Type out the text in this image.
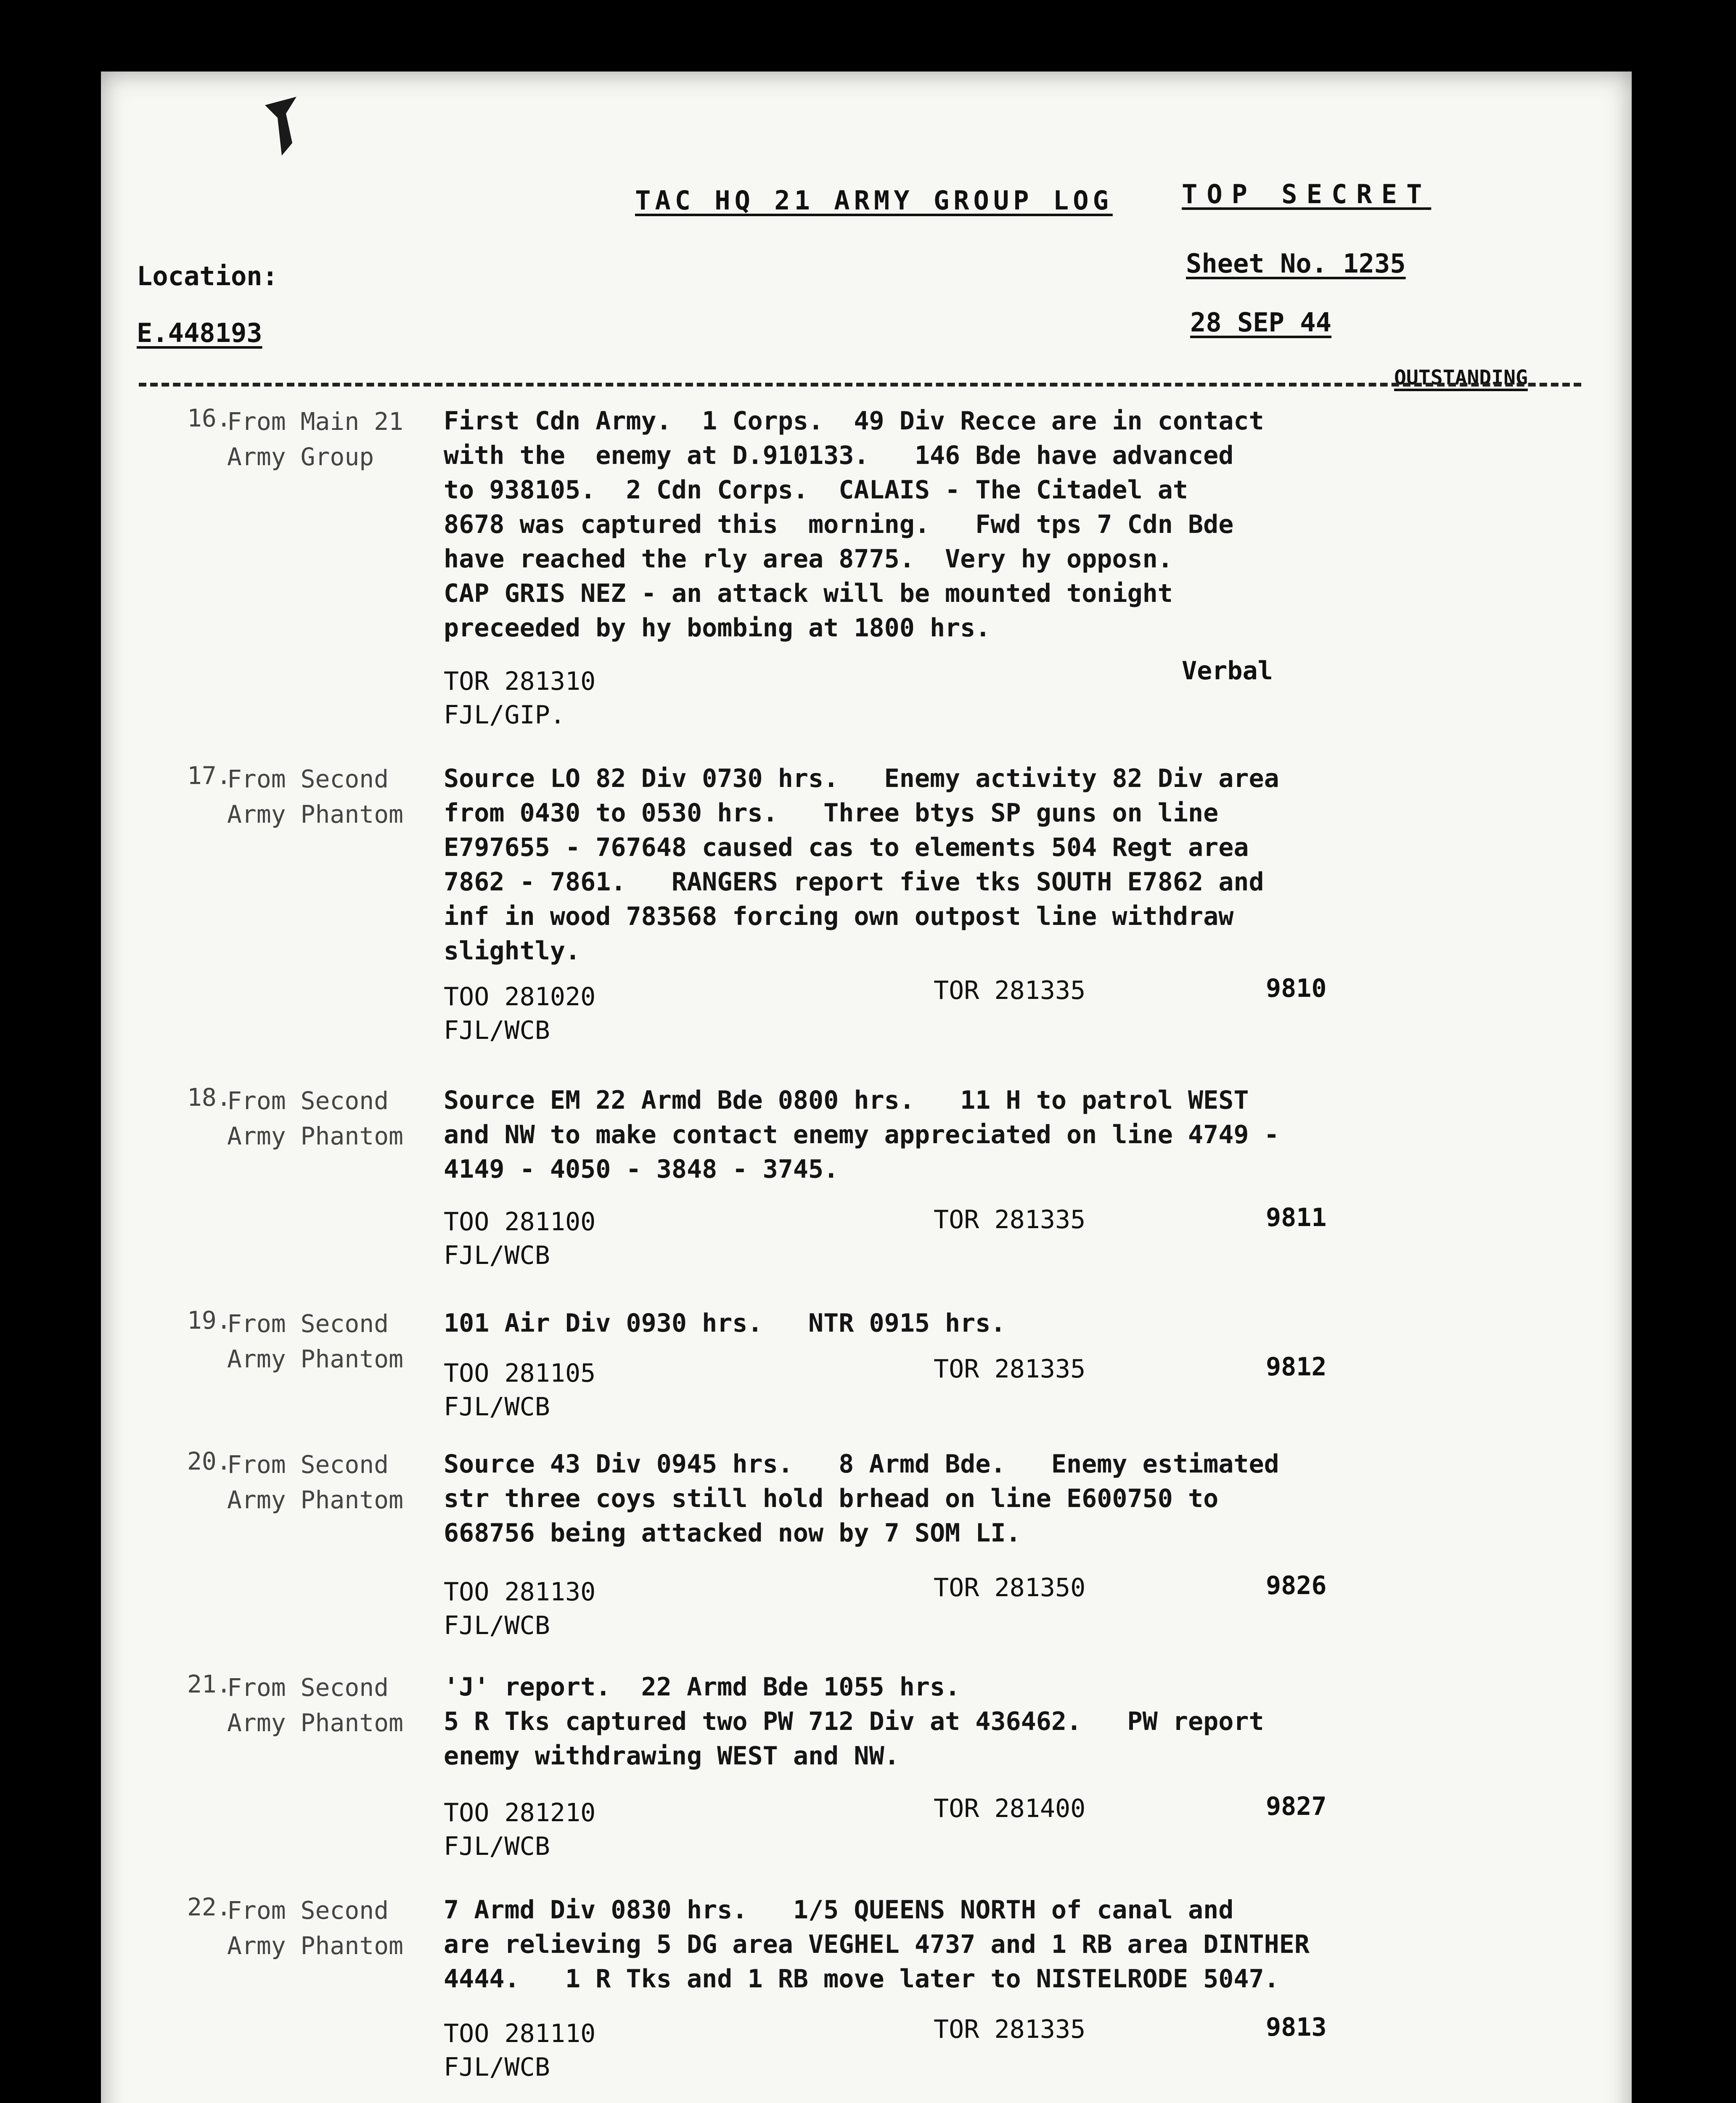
TAC HQ 21 ARMY GROUP LOG	TOP SECRET
Sheet No. 1235
28 SEP 44
Location:
E.448193
OUTSTANDING
16.
From Main 21
Army Group
First Cdn Army.  1 Corps.  49 Div Recce are in contact
with the  enemy at D.910133.   146 Bde have advanced
to 938105.  2 Cdn Corps.  CALAIS - The Citadel at
8678 was captured this  morning.   Fwd tps 7 Cdn Bde
have reached the rly area 8775.  Very hy opposn.
CAP GRIS NEZ - an attack will be mounted tonight
preceeded by hy bombing at 1800 hrs.
Verbal
TOR 281310
FJL/GIP.
17.
From Second
Army Phantom
Source LO 82 Div 0730 hrs.   Enemy activity 82 Div area
from 0430 to 0530 hrs.   Three btys SP guns on line
E797655 - 767648 caused cas to elements 504 Regt area
7862 - 7861.   RANGERS report five tks SOUTH E7862 and
inf in wood 783568 forcing own outpost line withdraw
slightly.
TOO 281020
FJL/WCB
TOR 281335	9810
18.
From Second
Army Phantom
Source EM 22 Armd Bde 0800 hrs.   11 H to patrol WEST
and NW to make contact enemy appreciated on line 4749 -
4149 - 4050 - 3848 - 3745.
TOO 281100
FJL/WCB
TOR 281335	9811
19.
From Second
Army Phantom
101 Air Div 0930 hrs.   NTR 0915 hrs.
TOO 281105
FJL/WCB
TOR 281335	9812
20.
From Second
Army Phantom
Source 43 Div 0945 hrs.   8 Armd Bde.   Enemy estimated
str three coys still hold brhead on line E600750 to
668756 being attacked now by 7 SOM LI.
TOO 281130
FJL/WCB
TOR 281350	9826
21.
From Second
Army Phantom
'J' report.  22 Armd Bde 1055 hrs.
5 R Tks captured two PW 712 Div at 436462.   PW report
enemy withdrawing WEST and NW.
TOO 281210
FJL/WCB
TOR 281400	9827
22.
From Second
Army Phantom
7 Armd Div 0830 hrs.   1/5 QUEENS NORTH of canal and
are relieving 5 DG area VEGHEL 4737 and 1 RB area DINTHER
4444.   1 R Tks and 1 RB move later to NISTELRODE 5047.
TOO 281110
FJL/WCB
TOR 281335	9813
